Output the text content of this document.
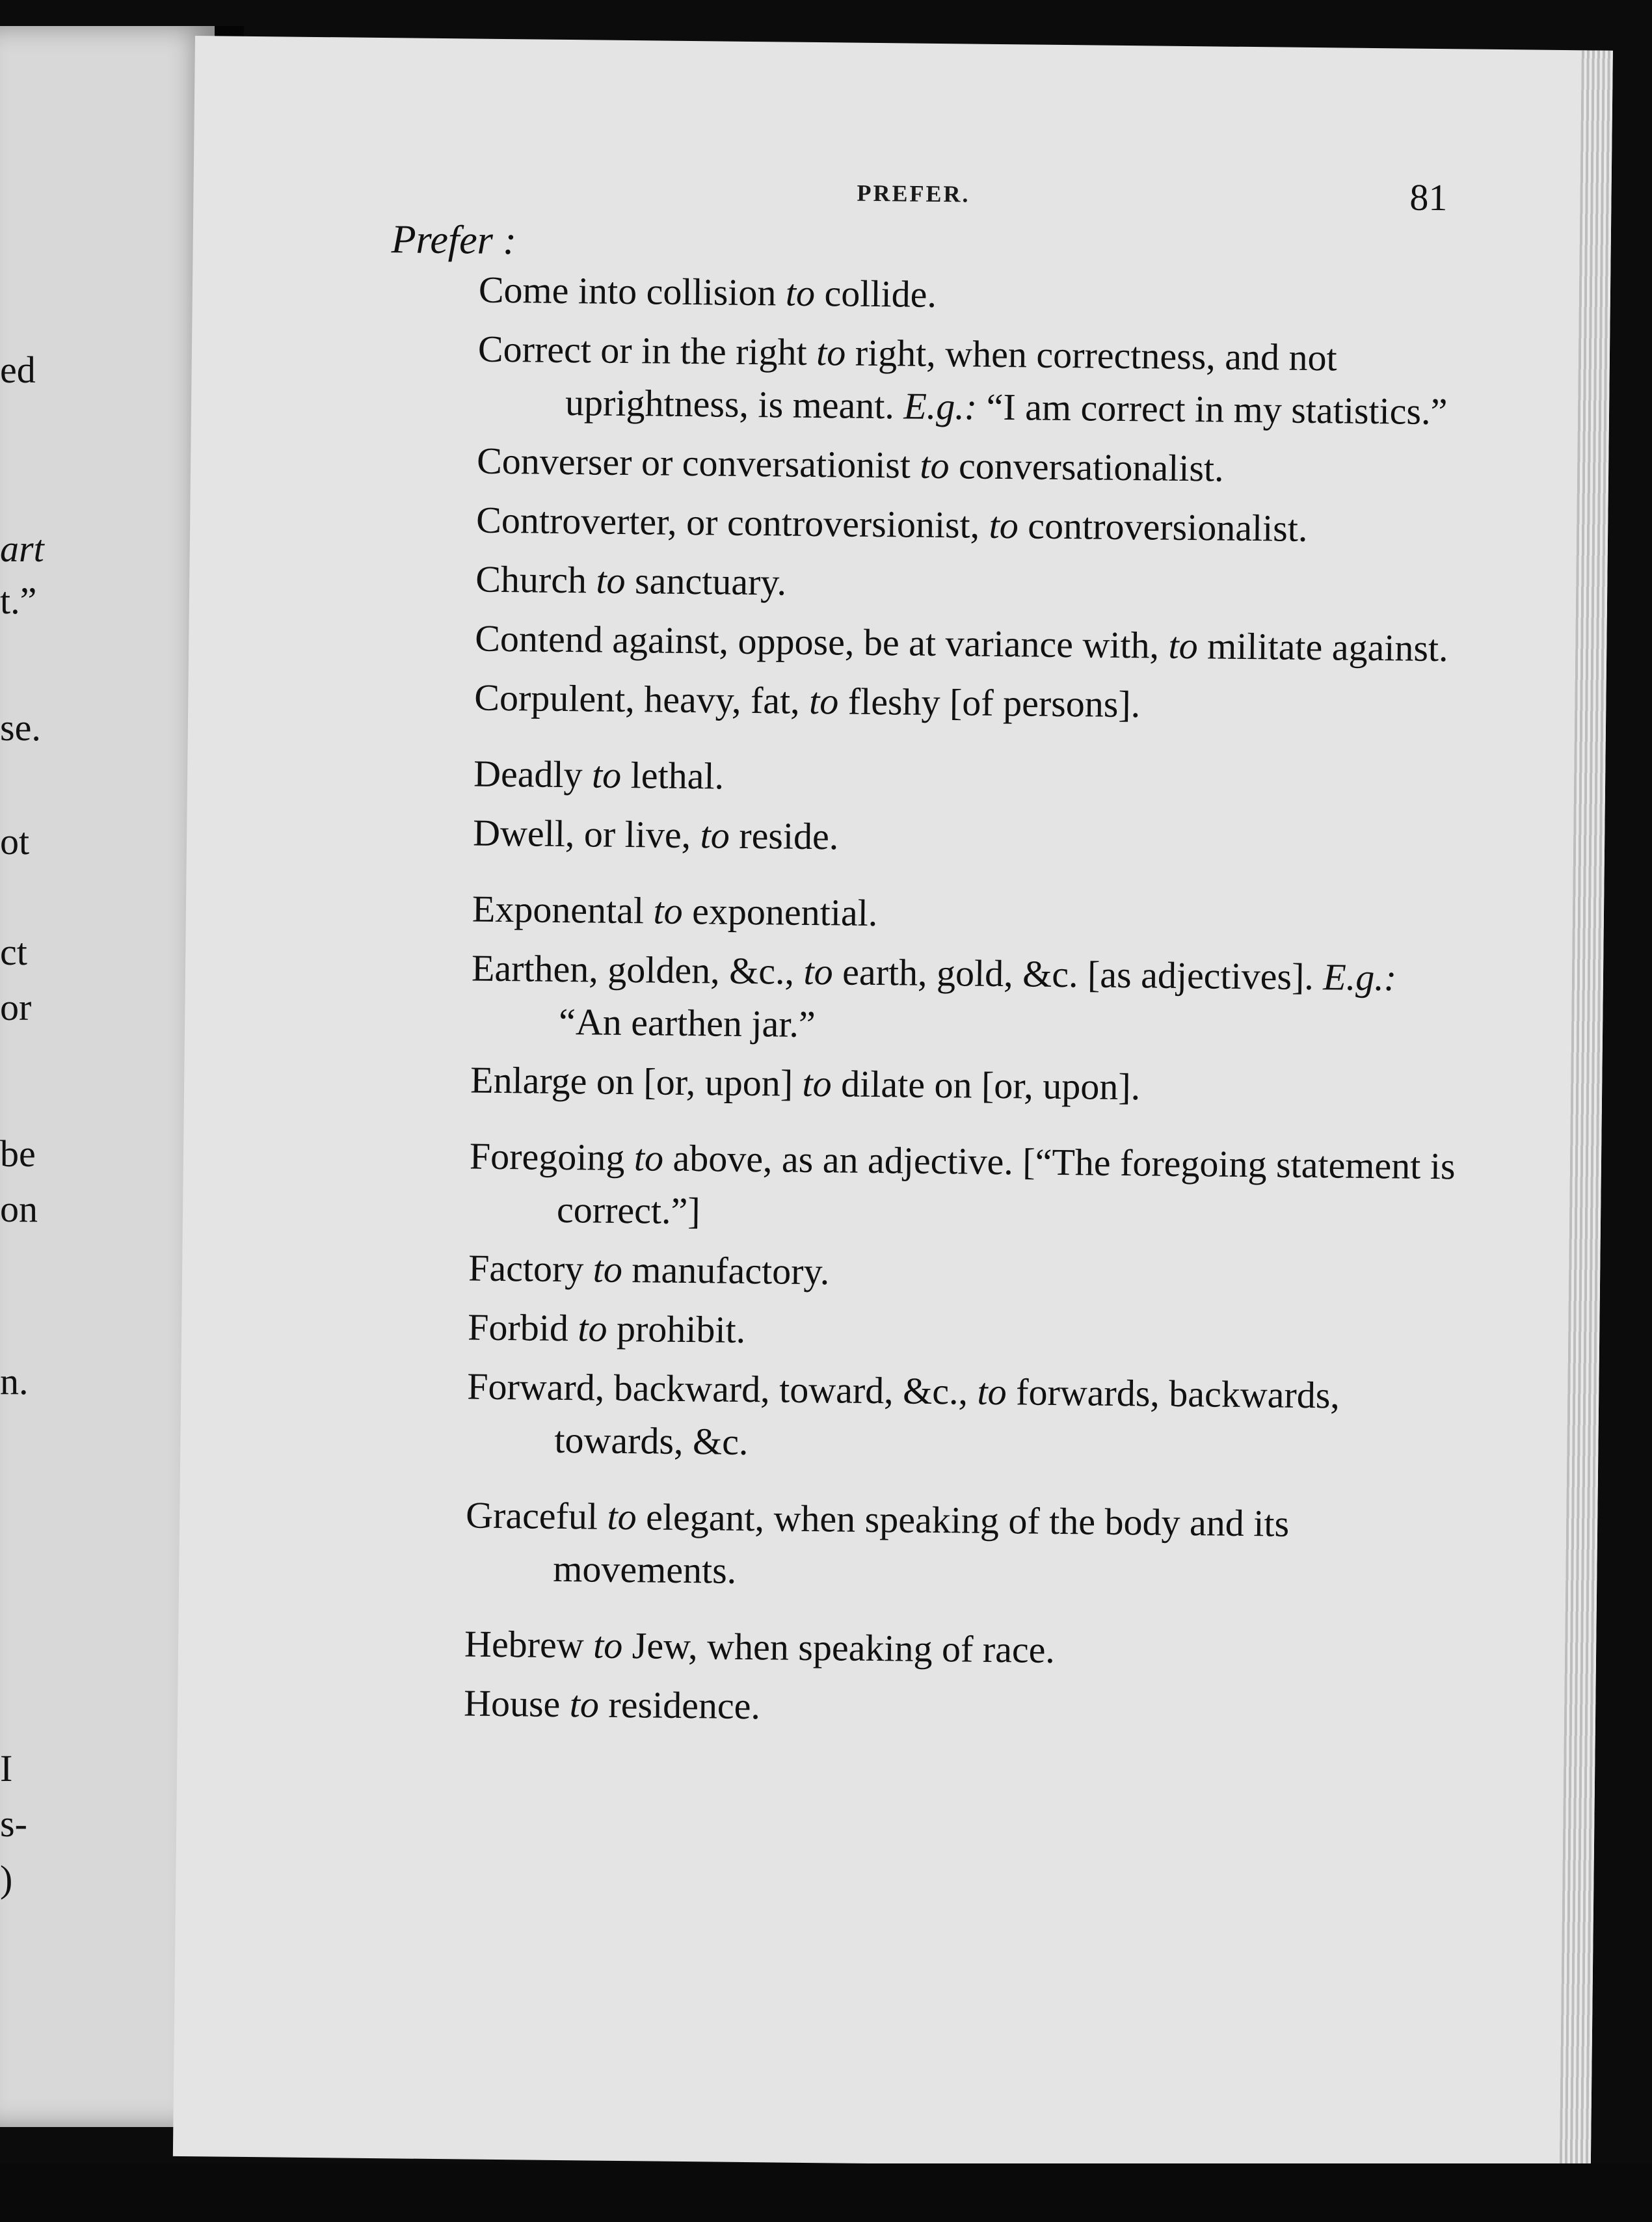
ed
art
t.”
se.
ot
ct
or
be
on
n.
I
s-
)
PREFER.	81
Prefer :

Come into collision to collide.

Correct or in the right to right, when correctness, and not uprightness, is meant. E.g.: “I am correct in my statistics.”

Converser or conversationist to conversationalist.

Controverter, or controversionist, to controversionalist.

Church to sanctuary.

Contend against, oppose, be at variance with, to militate against.

Corpulent, heavy, fat, to fleshy [of persons].

Deadly to lethal.

Dwell, or live, to reside.

Exponental to exponential.

Earthen, golden, &c., to earth, gold, &c. [as adjectives]. E.g.: “An earthen jar.”

Enlarge on [or, upon] to dilate on [or, upon].

Foregoing to above, as an adjective. [“The foregoing statement is correct.”]

Factory to manufactory.

Forbid to prohibit.

Forward, backward, toward, &c., to forwards, backwards, towards, &c.

Graceful to elegant, when speaking of the body and its movements.

Hebrew to Jew, when speaking of race.

House to residence.
